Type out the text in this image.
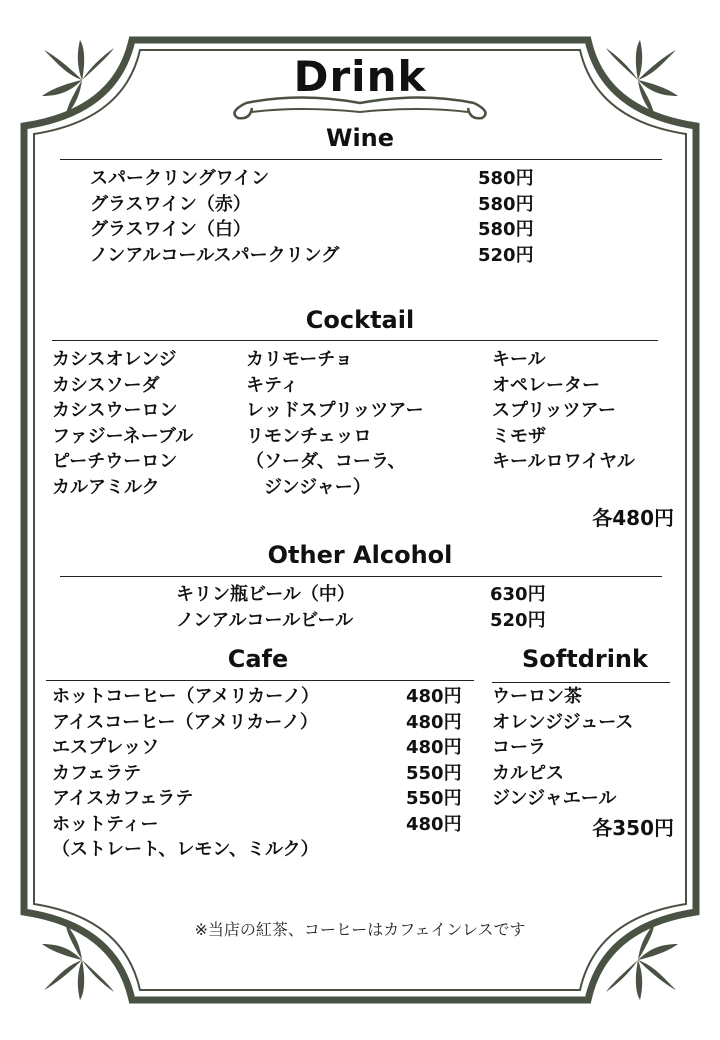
Drink
Wine
スパークリングワイン
グラスワイン（赤）
グラスワイン（白）
ノンアルコールスパークリング
580円
580円
580円
520円
Cocktail
カシスオレンジ
カシスソーダ
カシスウーロン
ファジーネーブル
ピーチウーロン
カルアミルク
カリモーチョ
キティ
レッドスプリッツアー
リモンチェッロ
（ソーダ、コーラ、
　ジンジャー）
キール
オペレーター
スプリッツアー
ミモザ
キールロワイヤル
各480円
Other Alcohol
キリン瓶ビール（中）
ノンアルコールビール
630円
520円
Cafe
ホットコーヒー（アメリカーノ）
アイスコーヒー（アメリカーノ）
エスプレッソ
カフェラテ
アイスカフェラテ
ホットティー
（ストレート、レモン、ミルク）
480円
480円
480円
550円
550円
480円
Softdrink
ウーロン茶
オレンジジュース
コーラ
カルピス
ジンジャエール
各350円
※当店の紅茶、コーヒーはカフェインレスです
